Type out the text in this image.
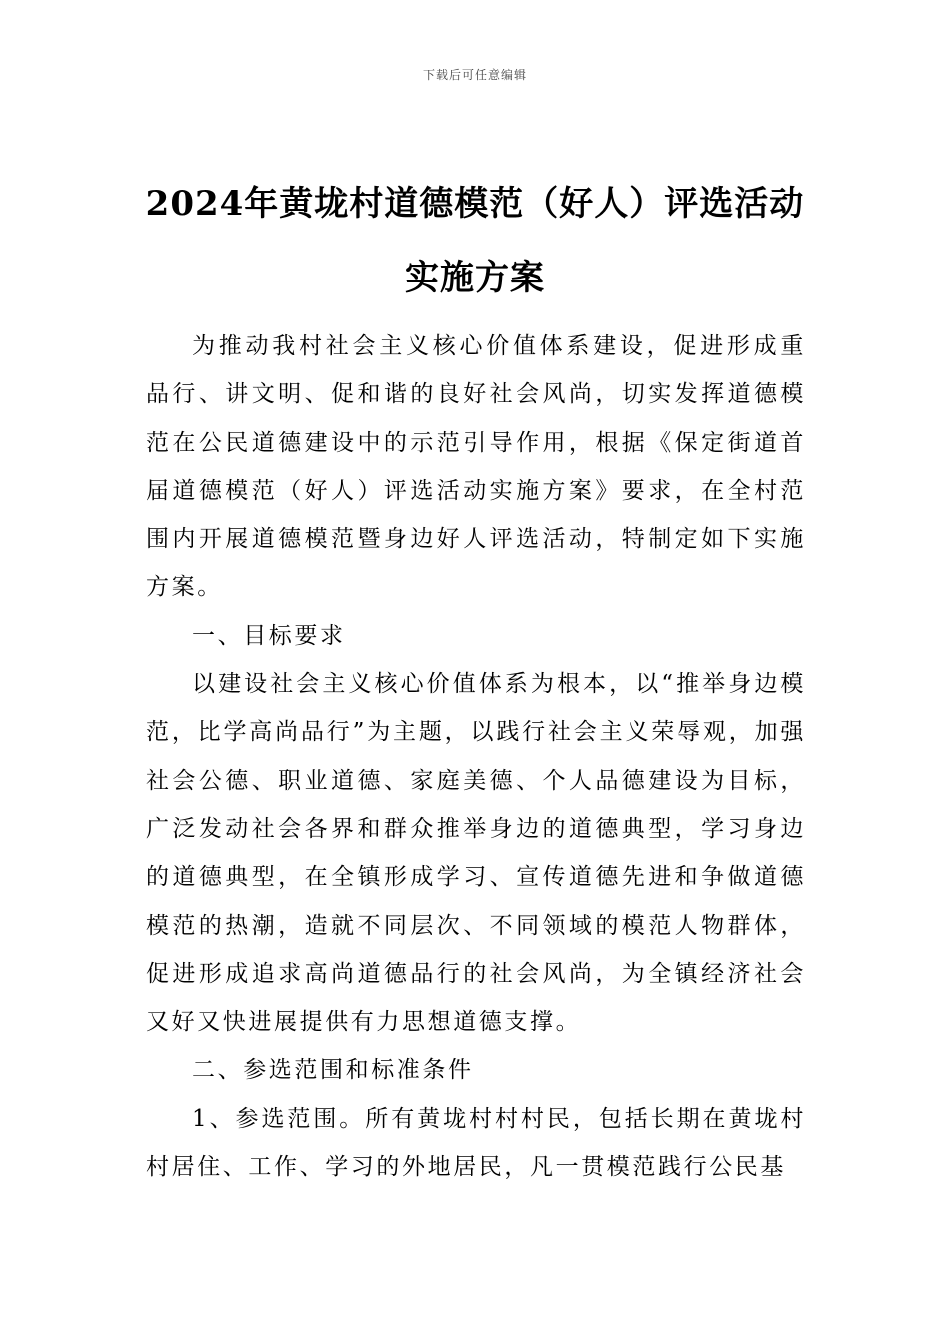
下载后可任意编辑
2024年黄垅村道德模范（好人）评选活动
实施方案

为推动我村社会主义核心价值体系建设，促进形成重品行、讲文明、促和谐的良好社会风尚，切实发挥道德模范在公民道德建设中的示范引导作用，根据《保定街道首届道德模范（好人）评选活动实施方案》要求，在全村范围内开展道德模范暨身边好人评选活动，特制定如下实施方案。

一、目标要求

以建设社会主义核心价值体系为根本，以“推举身边模范，比学高尚品行”为主题，以践行社会主义荣辱观，加强社会公德、职业道德、家庭美德、个人品德建设为目标，广泛发动社会各界和群众推举身边的道德典型，学习身边的道德典型，在全镇形成学习、宣传道德先进和争做道德模范的热潮，造就不同层次、不同领域的模范人物群体，促进形成追求高尚道德品行的社会风尚，为全镇经济社会又好又快进展提供有力思想道德支撑。

二、参选范围和标准条件

1、参选范围。所有黄垅村村村民，包括长期在黄垅村村居住、工作、学习的外地居民，凡一贯模范践行公民基
